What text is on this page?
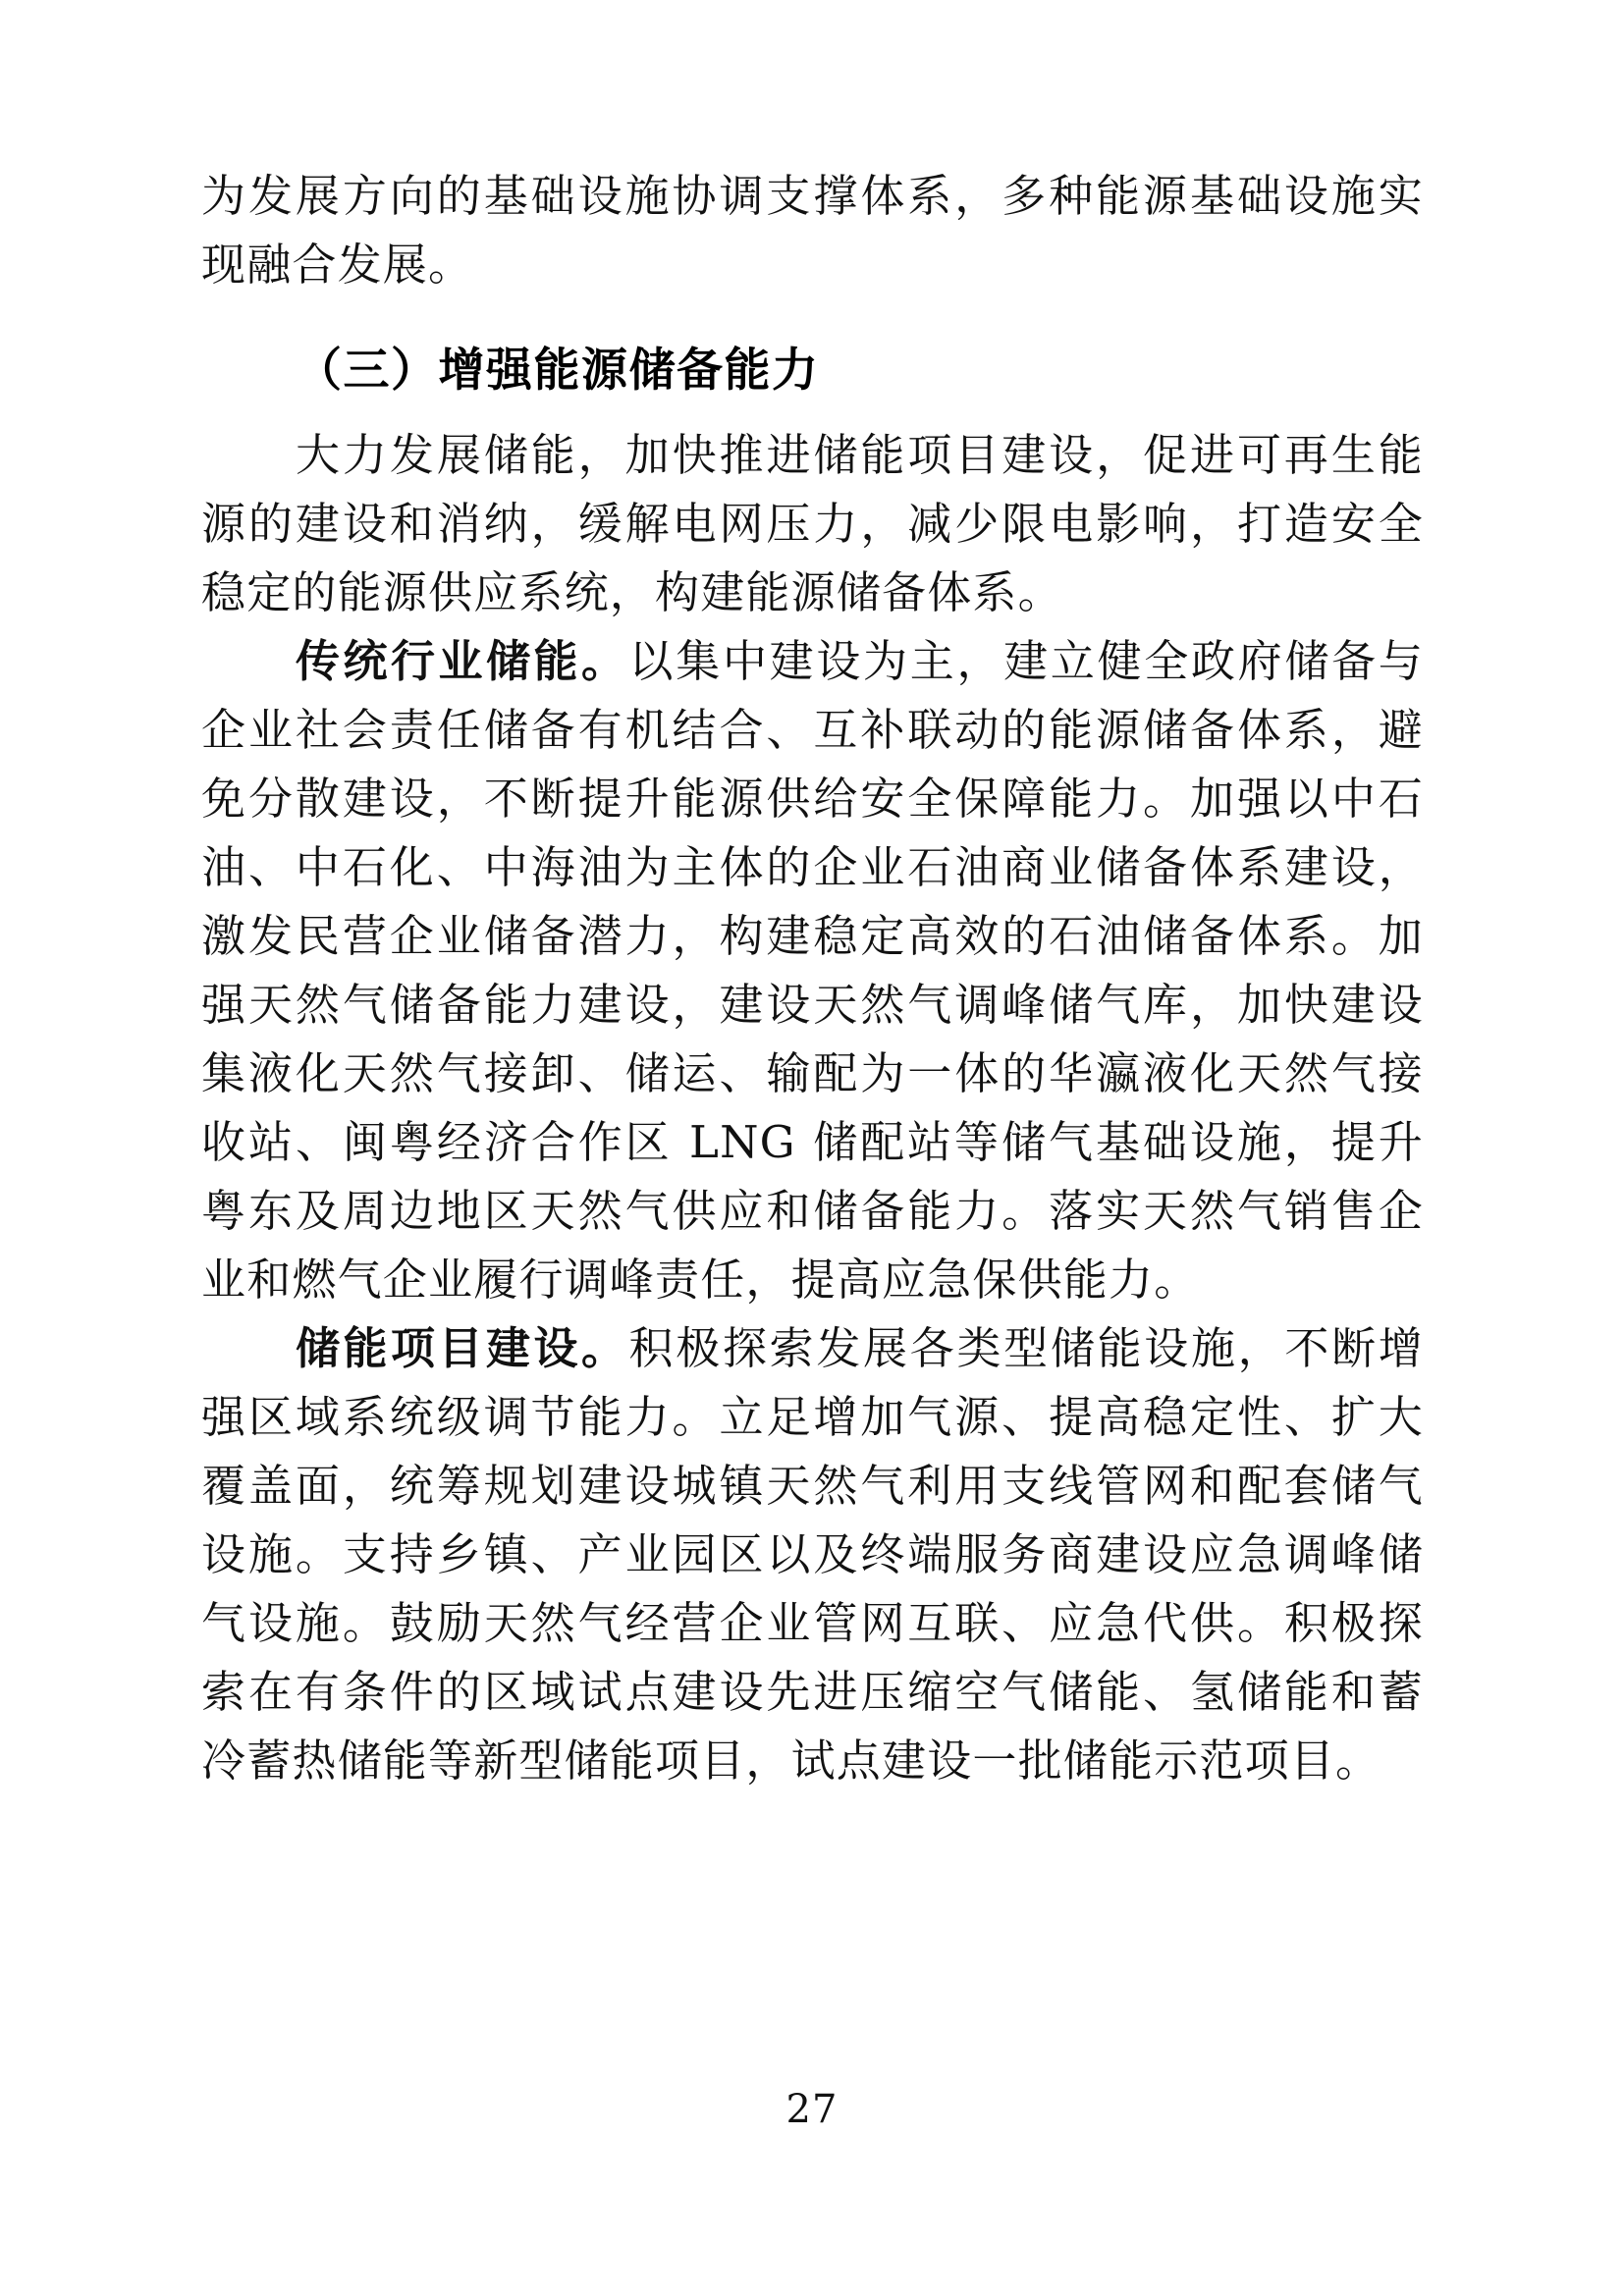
为发展方向的基础设施协调支撑体系，多种能源基础设施实现融合发展。

（三）增强能源储备能力

大力发展储能，加快推进储能项目建设，促进可再生能源的建设和消纳，缓解电网压力，减少限电影响，打造安全稳定的能源供应系统，构建能源储备体系。

传统行业储能。以集中建设为主，建立健全政府储备与企业社会责任储备有机结合、互补联动的能源储备体系，避免分散建设，不断提升能源供给安全保障能力。加强以中石油、中石化、中海油为主体的企业石油商业储备体系建设，激发民营企业储备潜力，构建稳定高效的石油储备体系。加强天然气储备能力建设，建设天然气调峰储气库，加快建设集液化天然气接卸、储运、输配为一体的华瀛液化天然气接收站、闽粤经济合作区 LNG 储配站等储气基础设施，提升粤东及周边地区天然气供应和储备能力。落实天然气销售企业和燃气企业履行调峰责任，提高应急保供能力。

储能项目建设。积极探索发展各类型储能设施，不断增强区域系统级调节能力。立足增加气源、提高稳定性、扩大覆盖面，统筹规划建设城镇天然气利用支线管网和配套储气设施。支持乡镇、产业园区以及终端服务商建设应急调峰储气设施。鼓励天然气经营企业管网互联、应急代供。积极探索在有条件的区域试点建设先进压缩空气储能、氢储能和蓄冷蓄热储能等新型储能项目，试点建设一批储能示范项目。

27
